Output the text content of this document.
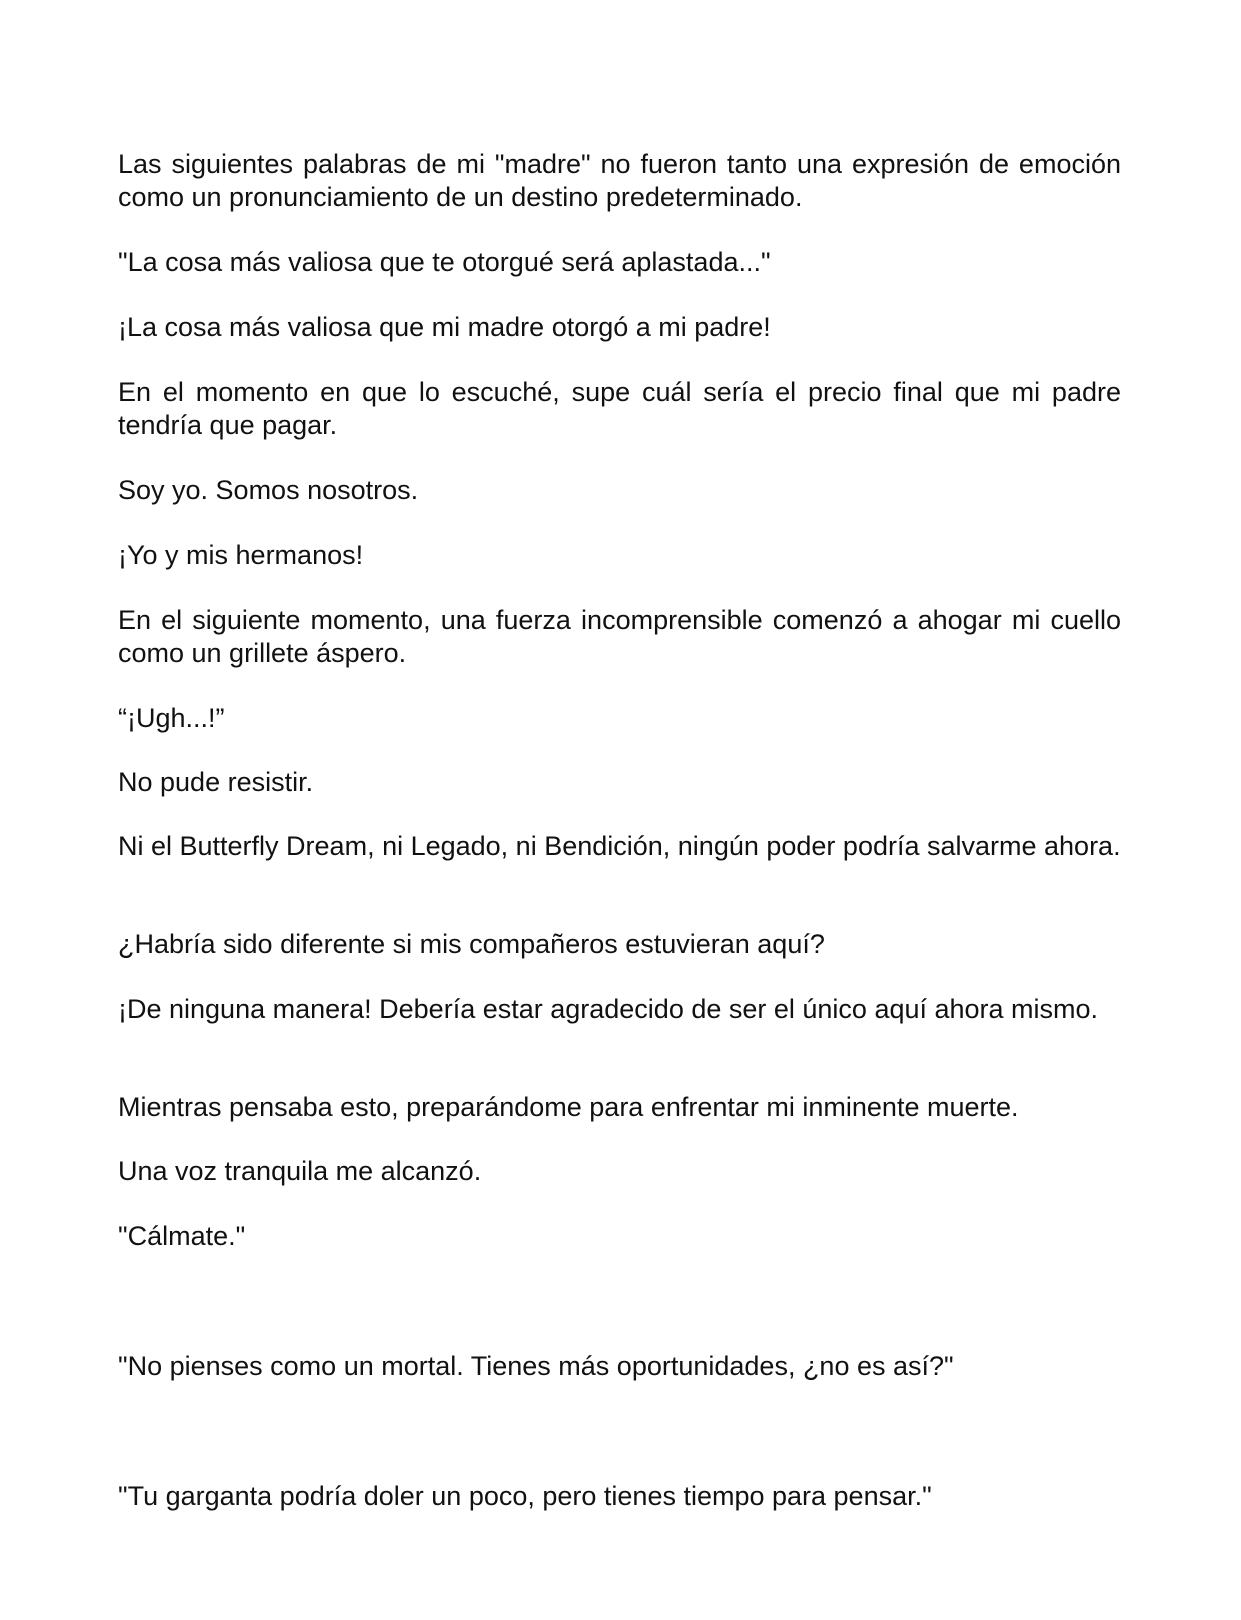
Las siguientes palabras de mi "madre" no fueron tanto una expresión de emoción como un pronunciamiento de un destino predeterminado.

"La cosa más valiosa que te otorgué será aplastada..."

¡La cosa más valiosa que mi madre otorgó a mi padre!

En el momento en que lo escuché, supe cuál sería el precio final que mi padre tendría que pagar.

Soy yo. Somos nosotros.

¡Yo y mis hermanos!

En el siguiente momento, una fuerza incomprensible comenzó a ahogar mi cuello como un grillete áspero.

“¡Ugh...!”

No pude resistir.

Ni el Butterfly Dream, ni Legado, ni Bendición, ningún poder podría salvarme ahora.

¿Habría sido diferente si mis compañeros estuvieran aquí?

¡De ninguna manera! Debería estar agradecido de ser el único aquí ahora mismo.

Mientras pensaba esto, preparándome para enfrentar mi inminente muerte.

Una voz tranquila me alcanzó.

"Cálmate."

"No pienses como un mortal. Tienes más oportunidades, ¿no es así?"

"Tu garganta podría doler un poco, pero tienes tiempo para pensar."
